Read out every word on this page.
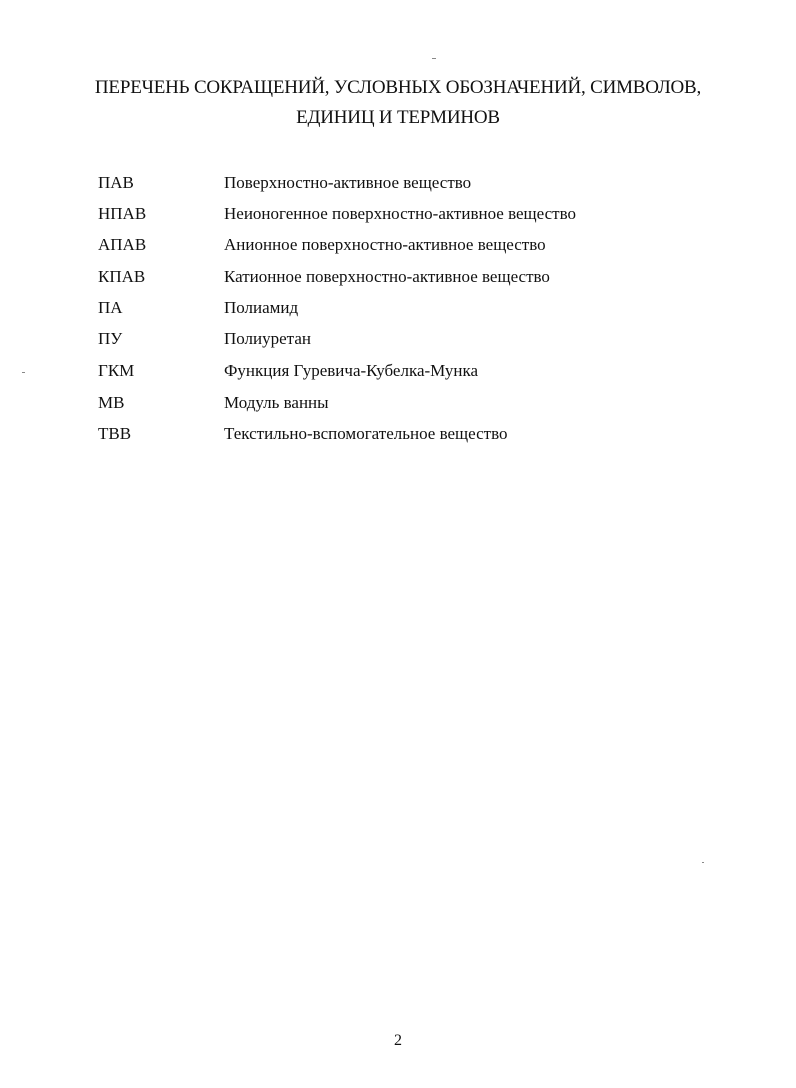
ПЕРЕЧЕНЬ СОКРАЩЕНИЙ, УСЛОВНЫХ ОБОЗНАЧЕНИЙ, СИМВОЛОВ,
ЕДИНИЦ И ТЕРМИНОВ
ПАВ	Поверхностно-активное вещество
НПАВ	Неионогенное поверхностно-активное вещество
АПАВ	Анионное поверхностно-активное вещество
КПАВ	Катионное поверхностно-активное вещество
ПА	Полиамид
ПУ	Полиуретан
ГКМ	Функция Гуревича-Кубелка-Мунка
МВ	Модуль ванны
ТВВ	Текстильно-вспомогательное вещество
2
